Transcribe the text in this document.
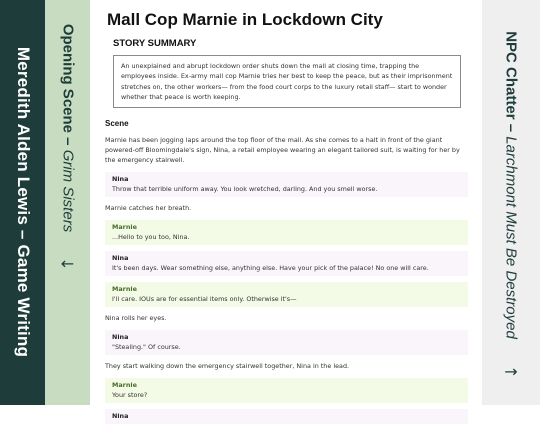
Meredith Alden Lewis – Game Writing Opening Scene – Grim Sisters
←
Mall Cop Marnie in Lockdown City
STORY SUMMARY
An unexplained and abrupt lockdown order shuts down the mall at closing time, trapping the employees inside. Ex-army mall cop Marnie tries her best to keep the peace, but as their imprisonment stretches on, the other workers— from the food court corps to the luxury retail staff— start to wonder whether that peace is worth keeping.
Scene
Marnie has been jogging laps around the top floor of the mall. As she comes to a halt in front of the giant powered-off Bloomingdale's sign, Nina, a retail employee wearing an elegant tailored suit, is waiting for her by the emergency stairwell.
Nina
Throw that terrible uniform away. You look wretched, darling. And you smell worse.
Marnie catches her breath.
Marnie
...Hello to you too, Nina.
Nina
It's been days. Wear something else, anything else. Have your pick of the palace! No one will care.
Marnie
I'll care. IOUs are for essential items only. Otherwise it's—
Nina rolls her eyes.
Nina
"Stealing." Of course.
They start walking down the emergency stairwell together, Nina in the lead.
Marnie
Your store?
Nina
NPC Chatter – Larchmont Must Be Destroyed
→
